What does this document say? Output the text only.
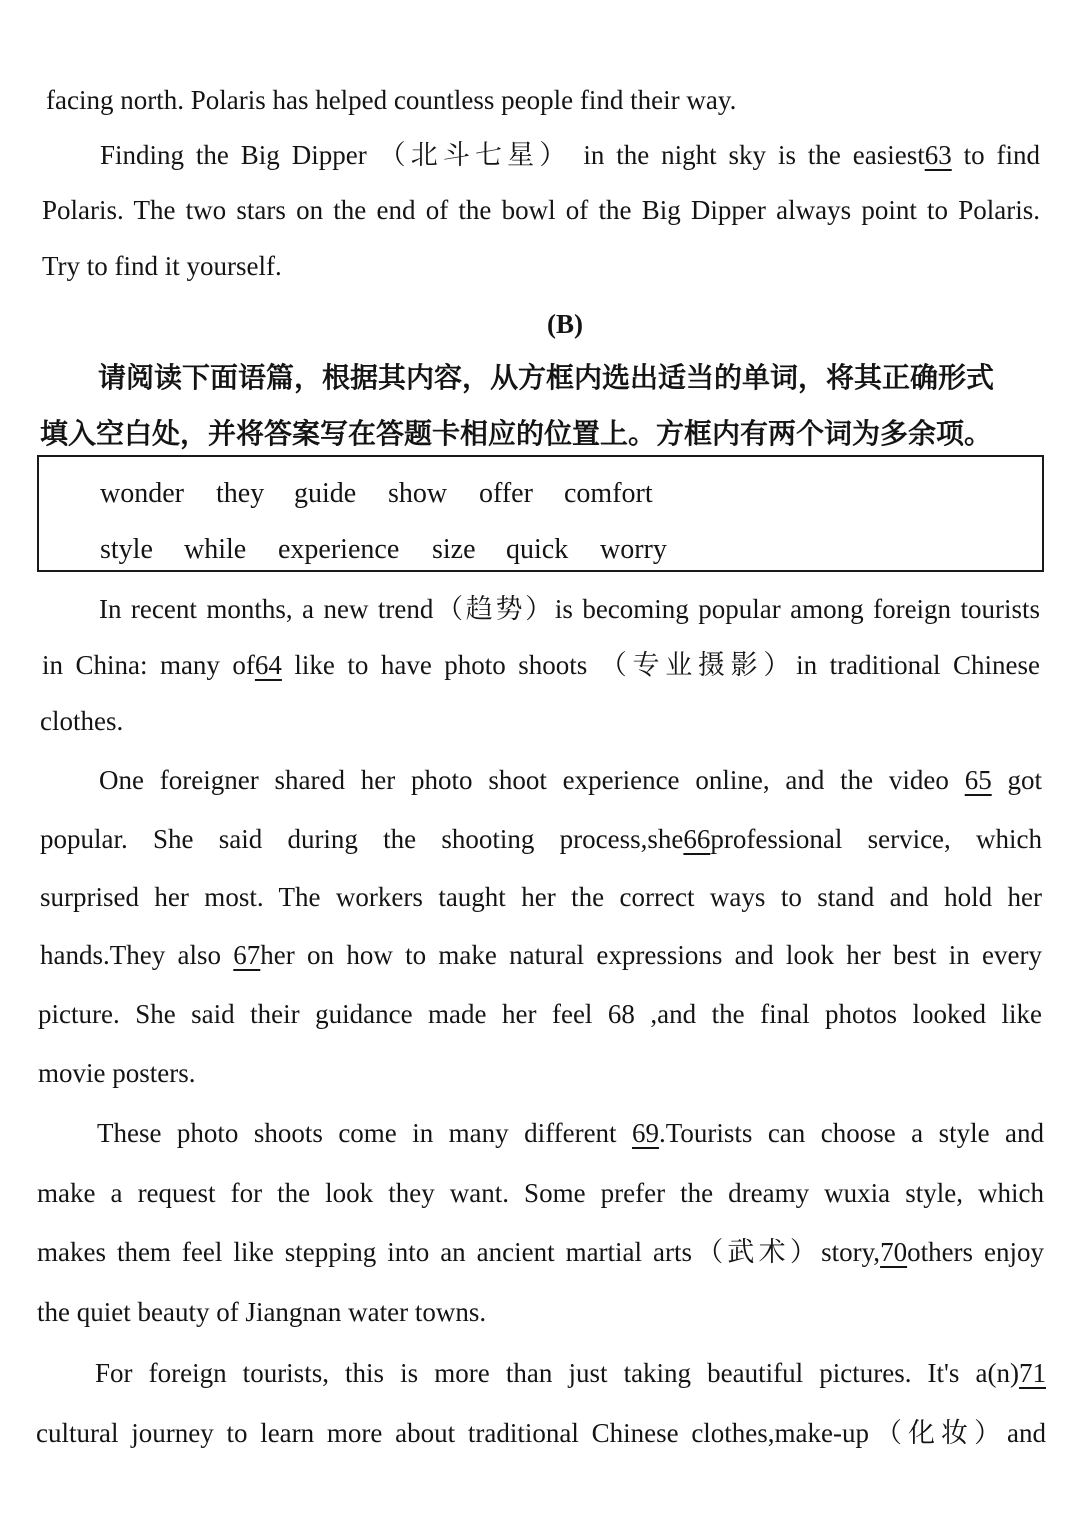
facing north. Polaris has helped countless people find their way.
Finding the Big Dipper （北斗七星） in the night sky is the easiest63 to find
Polaris. The two stars on the end of the bowl of the Big Dipper always point to Polaris.
Try to find it yourself.
(B)
请阅读下面语篇，根据其内容，从方框内选出适当的单词，将其正确形式
填入空白处，并将答案写在答题卡相应的位置上。方框内有两个词为多余项。
wonder they guide show offer comfort
style while experience size quick worry
In recent months, a new trend（趋势）is becoming popular among foreign tourists
in China: many of64 like to have photo shoots （专业摄影）in traditional Chinese
clothes.
One foreigner shared her photo shoot experience online, and the video 65 got
popular. She said during the shooting process,she66professional service, which
surprised her most. The workers taught her the correct ways to stand and hold her
hands.They also 67her on how to make natural expressions and look her best in every
picture. She said their guidance made her feel 68 ,and the final photos looked like
movie posters.
These photo shoots come in many different 69.Tourists can choose a style and
make a request for the look they want. Some prefer the dreamy wuxia style, which
makes them feel like stepping into an ancient martial arts（武术）story,70others enjoy
the quiet beauty of Jiangnan water towns.
For foreign tourists, this is more than just taking beautiful pictures. It's a(n)71
cultural journey to learn more about traditional Chinese clothes,make-up（化妆）and
